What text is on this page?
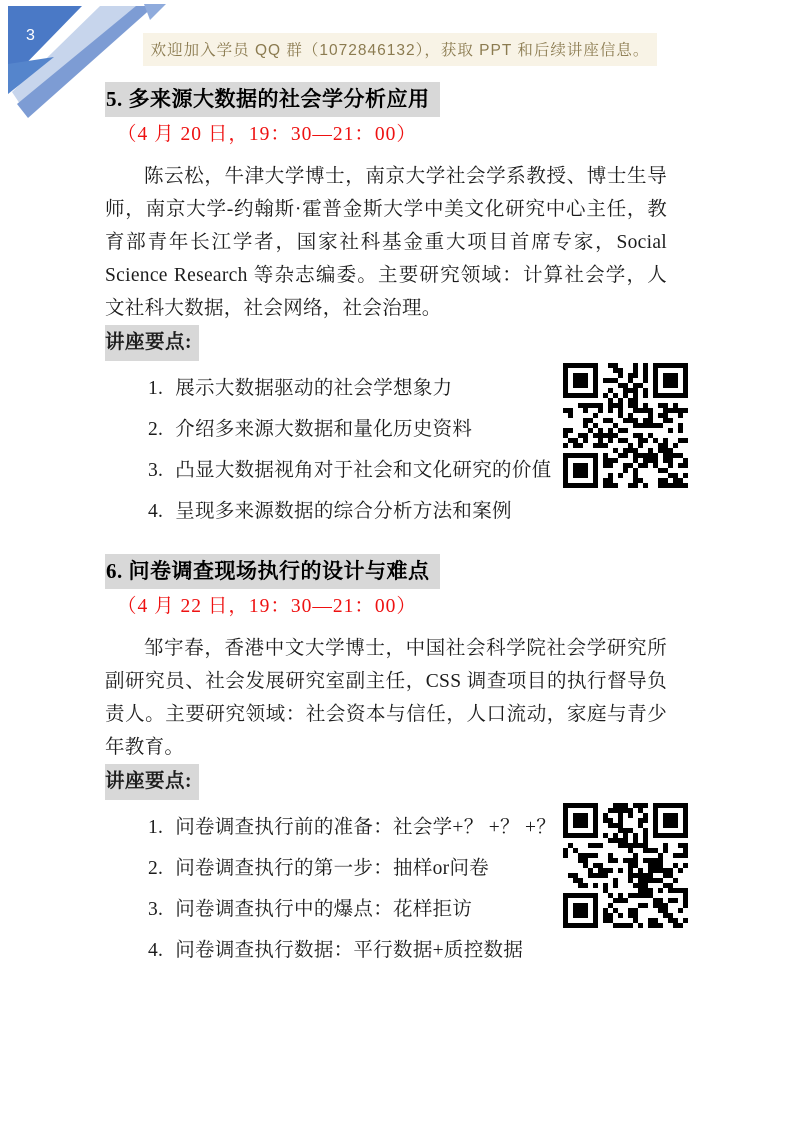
3
欢迎加入学员 QQ 群（1072846132），获取 PPT 和后续讲座信息。
5. 多来源大数据的社会学分析应用
（4 月 20 日，19：30—21：00）

陈云松，牛津大学博士，南京大学社会学系教授、博士生导师，南京大学-约翰斯·霍普金斯大学中美文化研究中心主任，教育部青年长江学者，国家社科基金重大项目首席专家，Social Science Research 等杂志编委。主要研究领域：计算社会学，人文社科大数据，社会网络，社会治理。

讲座要点:
1. 展示大数据驱动的社会学想象力
2. 介绍多来源大数据和量化历史资料
3. 凸显大数据视角对于社会和文化研究的价值
4. 呈现多来源数据的综合分析方法和案例
6. 问卷调查现场执行的设计与难点
（4 月 22 日，19：30—21：00）

邹宇春，香港中文大学博士，中国社会科学院社会学研究所副研究员、社会发展研究室副主任，CSS 调查项目的执行督导负责人。主要研究领域：社会资本与信任，人口流动，家庭与青少年教育。

讲座要点:
1. 问卷调查执行前的准备：社会学+？ +？ +？
2. 问卷调查执行的第一步：抽样or问卷
3. 问卷调查执行中的爆点：花样拒访
4. 问卷调查执行数据：平行数据+质控数据
